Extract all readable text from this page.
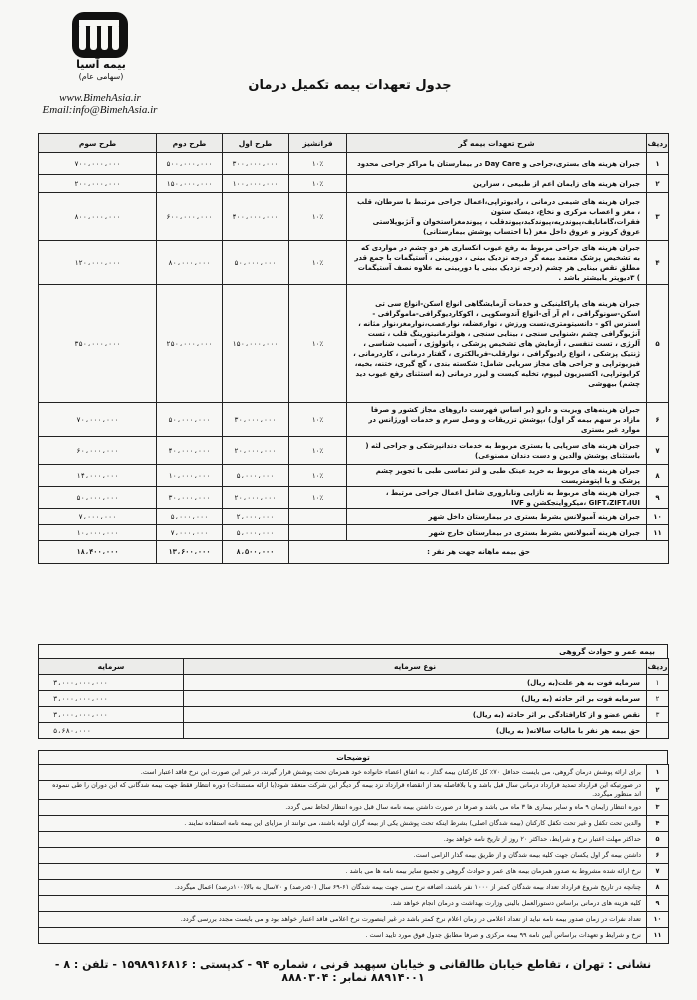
بیمه آسیا
(سهامی عام)
www.BimehAsia.ir
Email:info@BimehAsia.ir
جدول تعهدات بیمه تکمیل درمان
ردیف	شرح تعهدات بیمه گر	فرانشیز	طرح اول	طرح دوم	طرح سوم
۱	جبران هزینه های بستری،جراحی و Day Care در بیمارستان یا مراکز جراحی محدود	۱۰٪	۳۰۰،۰۰۰،۰۰۰	۵۰۰،۰۰۰،۰۰۰	۷۰۰،۰۰۰،۰۰۰
۲	جبران هزینه های زایمان اعم از طبیعی ، سزارین	۱۰٪	۱۰۰،۰۰۰،۰۰۰	۱۵۰،۰۰۰،۰۰۰	۲۰۰،۰۰۰،۰۰۰
۳	جبران هزینه های شیمی درمانی ، رادیوتراپی،اعمال جراحی مرتبط با سرطان، قلب ، مغز و اعصاب مرکزی و نخاع، دیسک ستون فقرات،گامانایف،پیوندریه،پیوندکبد،پیوندقلب ، پیوندمغزاستخوان و آنژیوپلاستی عروق کرونر و عروق داخل مغز (با احتساب پوشش بیمارستانی)	۱۰٪	۴۰۰،۰۰۰،۰۰۰	۶۰۰،۰۰۰،۰۰۰	۸۰۰،۰۰۰،۰۰۰
۴	جبران هزینه های جراحی مربوط به رفع عیوب انکساری هر دو چشم در مواردی که به تشخیص پزشک معتمد بیمه گر درجه نزدیک بینی ، دوربینی ، آستیگمات با جمع قدر مطلق نقص بینایی هر چشم (درجه نزدیک بینی یا دوربینی به علاوه نصف آستیگمات ) ۳دیوپتر یابیشتر باشد .	۱۰٪	۵۰،۰۰۰،۰۰۰	۸۰،۰۰۰،۰۰۰	۱۲۰،۰۰۰،۰۰۰
۵	جبران هزینه های پاراکلینیکی و خدمات آزمایشگاهی انواع اسکن-انواع سی تی اسکن-سونوگرافی ، ام آر آی-انواع آندوسکوپی ، اکوکاردیوگرافی-ماموگرافی - استرس اکو - دانسیتومتری،تست ورزش ، نوارعضله، نوارعصب،نوارمغز،نوار مثانه ، آنژیوگرافی چشم ،شنوایی سنجی ، بینایی سنجی ، هولترمانیتورینگ قلب ، تست آلرژی ، تست تنفسی ، آزمایش های تشخیص پزشکی ، پاتولوژی ، آسیب شناسی ، ژنتیک پزشکی ، انواع رادیوگرافی ، نوارقلب-فریالکتری ، گفتار درمانی ، کاردرمانی ، فیزیوتراپی و جراحی های مجاز سرپایی شامل: شکسته بندی ، گچ گیری، ختنه، بخیه، کرایوتراپی، اکسیزیون لیپوم، تخلیه کیست و لیزر درمانی (به استثنای رفع عیوب دید چشم) بیهوشی	۱۰٪	۱۵۰،۰۰۰،۰۰۰	۲۵۰،۰۰۰،۰۰۰	۳۵۰،۰۰۰،۰۰۰
۶	جبران هزینه‌های ویزیت و دارو (بر اساس فهرست داروهای مجاز کشور و صرفا مازاد بر سهم بیمه گر اول) ،پوشش تزریقات و وصل سرم و خدمات اورژانس در موارد غیر بستری	۱۰٪	۳۰،۰۰۰،۰۰۰	۵۰،۰۰۰،۰۰۰	۷۰،۰۰۰،۰۰۰
۷	جبران هزینه های سرپایی یا بستری مربوط به خدمات دندانپزشکی و جراحی لثه ( باستثنای پوشش والدین و دست دندان مصنوعی)	۱۰٪	۲۰،۰۰۰،۰۰۰	۴۰،۰۰۰،۰۰۰	۶۰،۰۰۰،۰۰۰
۸	جبران هزینه های مربوط به خرید عینک طبی و لنز تماسی طبی با تجویز چشم پزشک و یا اپتومتریست	۱۰٪	۵،۰۰۰،۰۰۰	۱۰،۰۰۰،۰۰۰	۱۴،۰۰۰،۰۰۰
۹	جبران هزینه های مربوط به نازایی وناباروری شامل اعمال جراحی مرتبط ، GIFT،ZIFT،IUI ،میکرواینجکشن و IVF	۱۰٪	۲۰،۰۰۰،۰۰۰	۳۰،۰۰۰،۰۰۰	۵۰،۰۰۰،۰۰۰
۱۰	جبران هزینه آمبولانس بشرط بستری در بیمارستان داخل شهر		۲،۰۰۰،۰۰۰	۵،۰۰۰،۰۰۰	۷،۰۰۰،۰۰۰
۱۱	جبران هزینه آمبولانس بشرط بستری در بیمارستان خارج شهر		۵،۰۰۰،۰۰۰	۷،۰۰۰،۰۰۰	۱۰،۰۰۰،۰۰۰
حق بیمه ماهانه جهت هر نفر :			۸،۵۰۰،۰۰۰	۱۳،۶۰۰،۰۰۰	۱۸،۴۰۰،۰۰۰
بیمه عمر و حوادث گروهی
ردیف	نوع سرمایه	سرمایه
۱	سرمایه فوت به هر علت(به ریال)	۳،۰۰۰،۰۰۰،۰۰۰
۲	سرمایه فوت بر اثر حادثه (به ریال)	۳،۰۰۰،۰۰۰،۰۰۰
۳	نقص عضو و از کارافتادگی بر اثر حادثه (به ریال)	۳،۰۰۰،۰۰۰،۰۰۰
	حق بیمه هر نفر با مالیات سالانه( به ریال)	۵،۶۸۰،۰۰۰
توضیحات
۱	برای ارائه پوشش درمان گروهی، می بایست حداقل ۷۰٪ کل کارکنان بیمه گذار ، به اتفاق اعضاء خانواده خود همزمان تحت پوشش قرار گیرند، در غیر این صورت این نرخ فاقد اعتبار است.
۲	در صورتیکه این قرارداد تمدید قرارداد درمانی سال قبل باشد و یا بلافاصله بعد از انقضاء قرارداد نزد بیمه گر دیگر این شرکت منعقد شود(با ارائه مستندات) دوره انتظار فقط جهت بیمه شدگانی که این دوران را طی ننموده اند منظور میگردد.
۳	دوره انتظار زایمان ۹ ماه و سایر بیماری ها ۳ ماه می باشد و صرفا در صورت داشتن بیمه نامه سال قبل دوره انتظار لحاظ نمی گردد.
۴	والدین تحت تکفل و غیر تحت تکفل کارکنان (بیمه شدگان اصلی) بشرط اینکه تحت پوشش یکی از بیمه گران اولیه باشند، می توانند از مزایای این بیمه نامه استفاده نمایند .
۵	حداکثر مهلت اعتبار نرخ و شرایط، حداکثر ۲۰ روز از تاریخ نامه خواهد بود.
۶	داشتن بیمه گر اول یکسان جهت کلیه بیمه شدگان و از طریق بیمه گذار الزامی است.
۷	نرخ ارائه شده مشروط به صدور همزمان بیمه های عمر و حوادث گروهی و تجمیع سایر بیمه نامه ها می باشد .
۸	چنانچه در تاریخ شروع قرارداد تعداد بیمه شدگان کمتر از ۱۰۰۰ نفر باشند، اضافه نرخ سنی جهت بیمه شدگان ۶۱-۶۹ سال (۵۰درصد) و ۷۰سال به بالا(۱۰۰درصد) اعمال میگردد.
۹	کلیه هزینه های درمانی براساس دستورالعمل بالینی وزارت بهداشت و درمان انجام خواهد شد.
۱۰	تعداد نفرات در زمان صدور بیمه نامه نباید از تعداد اعلامی در زمان اعلام نرخ کمتر باشد در غیر اینصورت نرخ اعلامی فاقد اعتبار خواهد بود و می بایست مجدد بررسی گردد.
۱۱	نرخ و شرایط و تعهدات براساس آیین نامه ۹۹ بیمه مرکزی و صرفا مطابق جدول فوق مورد تایید است .
نشانی : تهران ، تقاطع خیابان طالقانی و خیابان سپهبد قرنی ، شماره ۹۴ - کدپستی : ۱۵۹۸۹۱۶۸۱۶ - تلفن : ۸ - ۸۸۹۱۴۰۰۱ نمابر : ۸۸۸۰۳۰۴
